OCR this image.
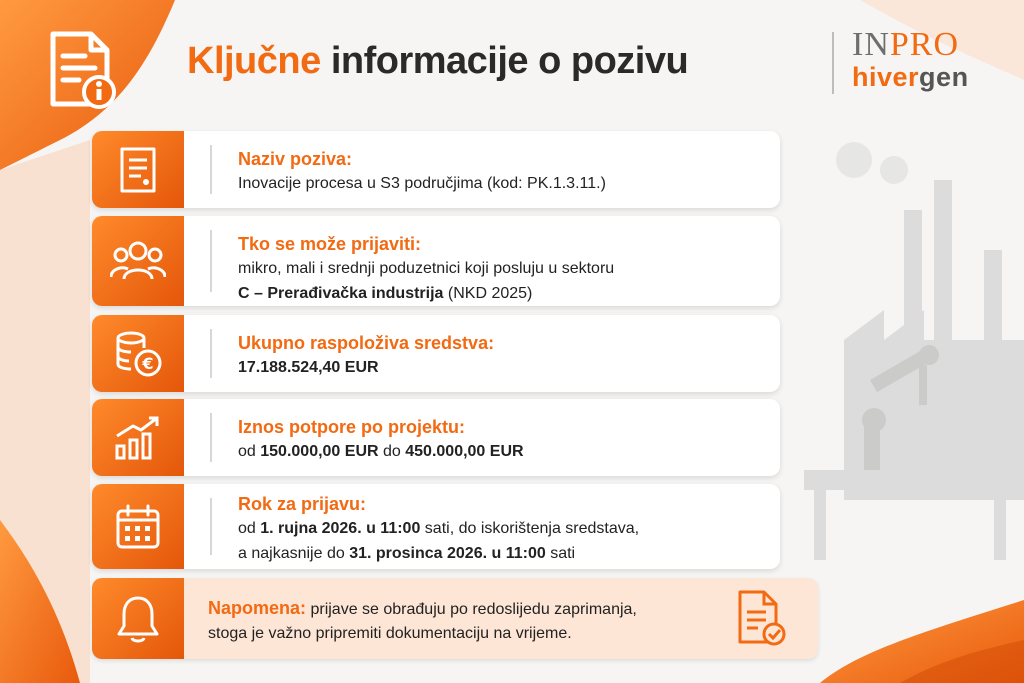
Ključne informacije o pozivu	INPRO
hivergen
Naziv poziva:
Inovacije procesa u S3 područjima (kod: PK.1.3.11.)
Tko se može prijaviti:
mikro, mali i srednji poduzetnici koji posluju u sektoru
C – Prerađivačka industrija (NKD 2025)
€
Ukupno raspoloživa sredstva:
17.188.524,40 EUR
Iznos potpore po projektu:
od 150.000,00 EUR do 450.000,00 EUR
Rok za prijavu:
od 1. rujna 2026. u 11:00 sati, do iskorištenja sredstava,
a najkasnije do 31. prosinca 2026. u 11:00 sati
Napomena: prijave se obrađuju po redoslijedu zaprimanja,
stoga je važno pripremiti dokumentaciju na vrijeme.
